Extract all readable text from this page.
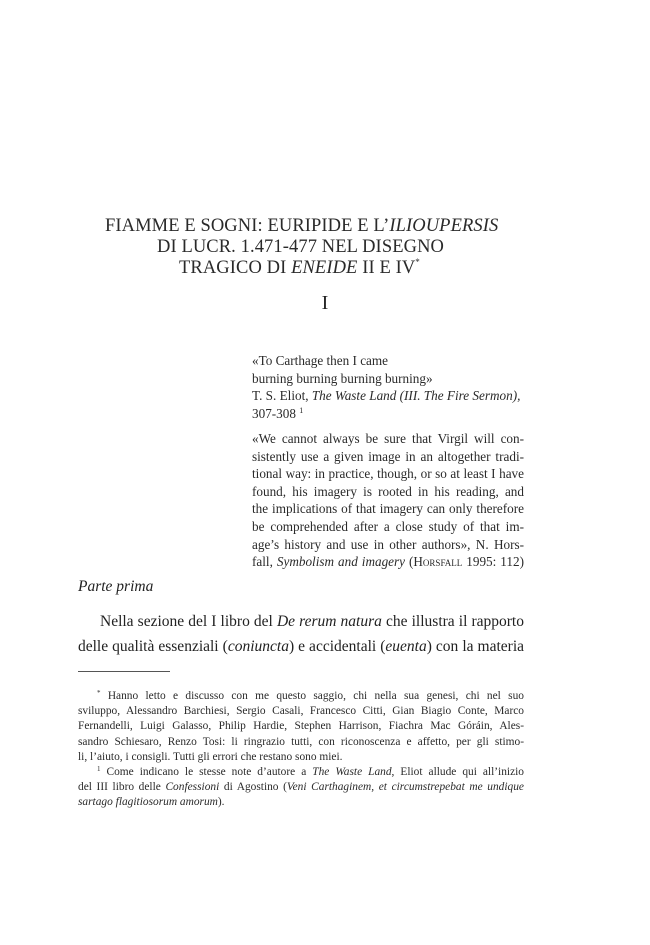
FIAMME E SOGNI: EURIPIDE E L’ILIOUPERSIS
DI LUCR. 1.471-477 NEL DISEGNO
TRAGICO DI ENEIDE II E IV*
I
«To Carthage then I came
burning burning burning burning»
T. S. Eliot, The Waste Land (III. The Fire Sermon),
307-308 $^1$
«We cannot always be sure that Virgil will con-
sistently use a given image in an altogether tradi-
tional way: in practice, though, or so at least I have
found, his imagery is rooted in his reading, and
the implications of that imagery can only therefore
be comprehended after a close study of that im-
age’s history and use in other authors», N. Hors-
fall, Symbolism and imagery (Horsfall 1995: 112)
Parte prima
Nella sezione del I libro del De rerum natura che illustra il rapporto
delle qualità essenziali (coniuncta) e accidentali (euenta) con la materia
* Hanno letto e discusso con me questo saggio, chi nella sua genesi, chi nel suo
sviluppo, Alessandro Barchiesi, Sergio Casali, Francesco Citti, Gian Biagio Conte, Marco
Fernandelli, Luigi Galasso, Philip Hardie, Stephen Harrison, Fiachra Mac Góráin, Ales-
sandro Schiesaro, Renzo Tosi: li ringrazio tutti, con riconoscenza e affetto, per gli stimo-
li, l’aiuto, i consigli. Tutti gli errori che restano sono miei.
$^1$ Come indicano le stesse note d’autore a The Waste Land, Eliot allude qui all’inizio
del III libro delle Confessioni di Agostino (Veni Carthaginem, et circumstrepebat me undique
sartago flagitiosorum amorum).
